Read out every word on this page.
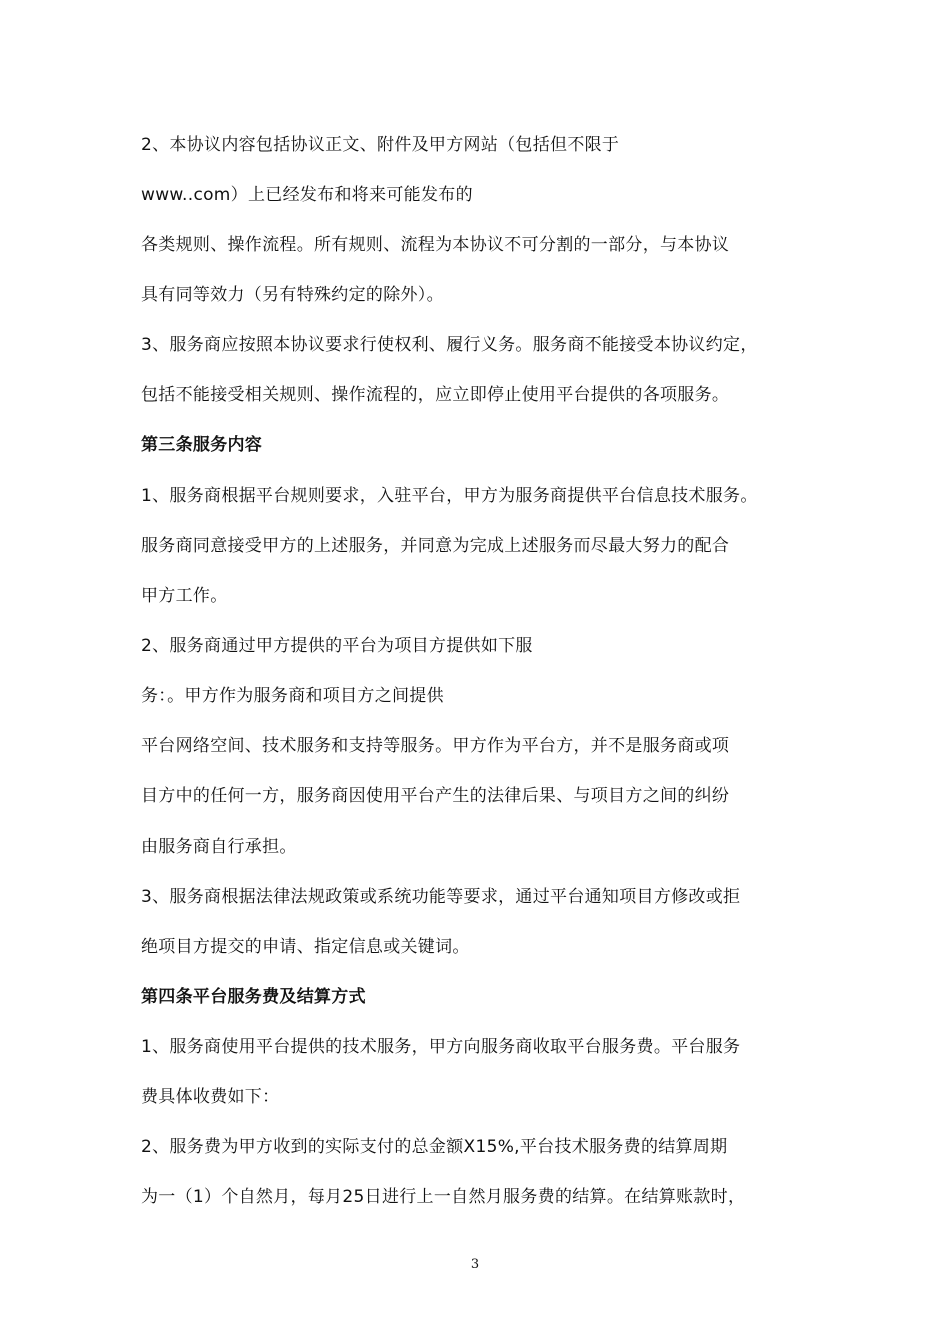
2、本协议内容包括协议正文、附件及甲方网站（包括但不限于
www..com）上已经发布和将来可能发布的
各类规则、操作流程。所有规则、流程为本协议不可分割的一部分，与本协议
具有同等效力（另有特殊约定的除外）。
3、服务商应按照本协议要求行使权利、履行义务。服务商不能接受本协议约定，
包括不能接受相关规则、操作流程的，应立即停止使用平台提供的各项服务。
第三条服务内容
1、服务商根据平台规则要求，入驻平台，甲方为服务商提供平台信息技术服务。
服务商同意接受甲方的上述服务，并同意为完成上述服务而尽最大努力的配合
甲方工作。
2、服务商通过甲方提供的平台为项目方提供如下服
务：。甲方作为服务商和项目方之间提供
平台网络空间、技术服务和支持等服务。甲方作为平台方，并不是服务商或项
目方中的任何一方，服务商因使用平台产生的法律后果、与项目方之间的纠纷
由服务商自行承担。
3、服务商根据法律法规政策或系统功能等要求，通过平台通知项目方修改或拒
绝项目方提交的申请、指定信息或关键词。
第四条平台服务费及结算方式
1、服务商使用平台提供的技术服务，甲方向服务商收取平台服务费。平台服务
费具体收费如下：
2、服务费为甲方收到的实际支付的总金额X15%,平台技术服务费的结算周期
为一（1）个自然月，每月25日进行上一自然月服务费的结算。在结算账款时，
3
